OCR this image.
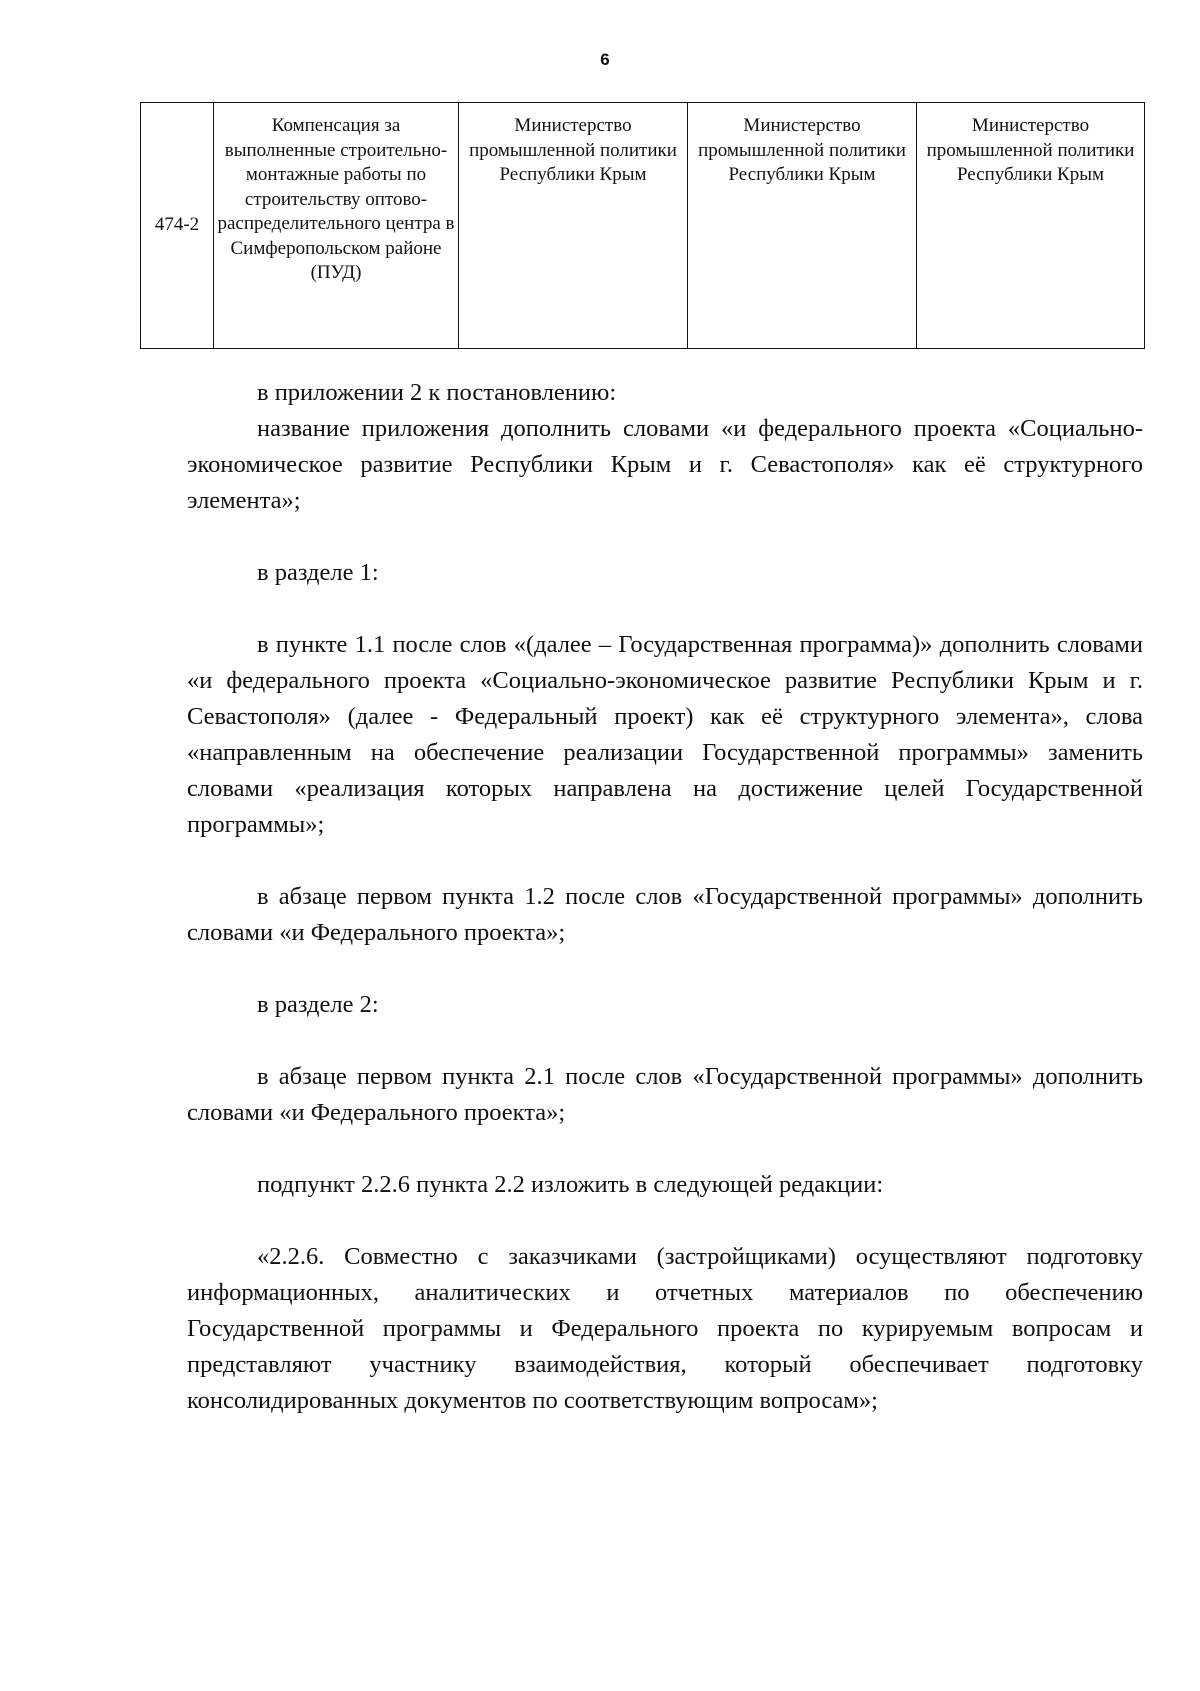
6
474-2	Компенсация за выполненные строительно-монтажные работы по строительству оптово-распределительного центра в Симферопольском районе (ПУД)	Министерство промышленной политики Республики Крым	Министерство промышленной политики Республики Крым	Министерство промышленной политики Республики Крым

в приложении 2 к постановлению:

название приложения дополнить словами «и федерального проекта «Социально-экономическое развитие Республики Крым и г. Севастополя» как её структурного элемента»;

в разделе 1:

в пункте 1.1 после слов «(далее – Государственная программа)» дополнить словами «и федерального проекта «Социально-экономическое развитие Республики Крым и г. Севастополя» (далее - Федеральный проект) как её структурного элемента», слова «направленным на обеспечение реализации Государственной программы» заменить словами «реализация которых направлена на достижение целей Государственной программы»;

в абзаце первом пункта 1.2 после слов «Государственной программы» дополнить словами «и Федерального проекта»;

в разделе 2:

в абзаце первом пункта 2.1 после слов «Государственной программы» дополнить словами «и Федерального проекта»;

подпункт 2.2.6 пункта 2.2 изложить в следующей редакции:

«2.2.6. Совместно с заказчиками (застройщиками) осуществляют подготовку информационных, аналитических и отчетных материалов по обеспечению Государственной программы и Федерального проекта по курируемым вопросам и представляют участнику взаимодействия, который обеспечивает подготовку консолидированных документов по соответствующим вопросам»;
